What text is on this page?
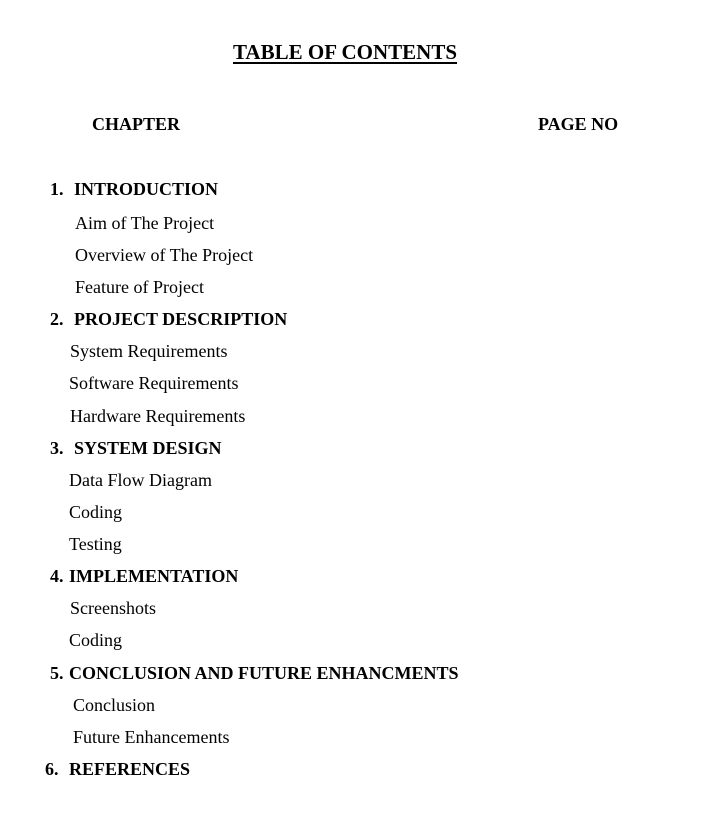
TABLE OF CONTENTS
CHAPTER	PAGE NO
1. INTRODUCTION
Aim of The Project
Overview of The Project
Feature of Project
2. PROJECT DESCRIPTION
System Requirements
Software Requirements
Hardware Requirements
3. SYSTEM DESIGN
Data Flow Diagram
Coding
Testing
4. IMPLEMENTATION
Screenshots
Coding
5. CONCLUSION AND FUTURE ENHANCMENTS
Conclusion
Future Enhancements
6. REFERENCES
